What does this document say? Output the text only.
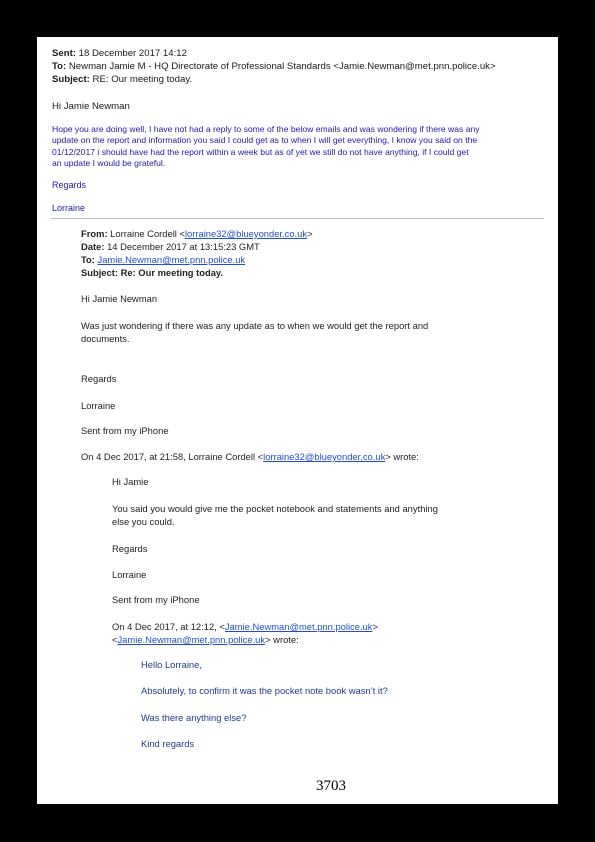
Sent: 18 December 2017 14:12
To: Newman Jamie M - HQ Directorate of Professional Standards <Jamie.Newman@met.pnn.police.uk>
Subject: RE: Our meeting today.
Hi Jamie Newman
Hope you are doing well, I have not had a reply to some of the below emails and was wondering if there was any
update on the report and information you said I could get as to when I will get everything, I know you said on the
01/12/2017 i should have had the report within a week but as of yet we still do not have anything, if I could get
an update I would be grateful.
Regards
Lorraine
From: Lorraine Cordell <lorraine32@blueyonder.co.uk>
Date: 14 December 2017 at 13:15:23 GMT
To: Jamie.Newman@met.pnn.police.uk
Subject: Re: Our meeting today.
Hi Jamie Newman
Was just wondering if there was any update as to when we would get the report and
documents.
Regards
Lorraine
Sent from my iPhone
On 4 Dec 2017, at 21:58, Lorraine Cordell <lorraine32@blueyonder.co.uk> wrote:
Hi Jamie
You said you would give me the pocket notebook and statements and anything
else you could.
Regards
Lorraine
Sent from my iPhone
On 4 Dec 2017, at 12:12, <Jamie.Newman@met.pnn.police.uk>
<Jamie.Newman@met.pnn.police.uk> wrote:
Hello Lorraine,
Absolutely, to confirm it was the pocket note book wasn’t it?
Was there anything else?
Kind regards
3703
